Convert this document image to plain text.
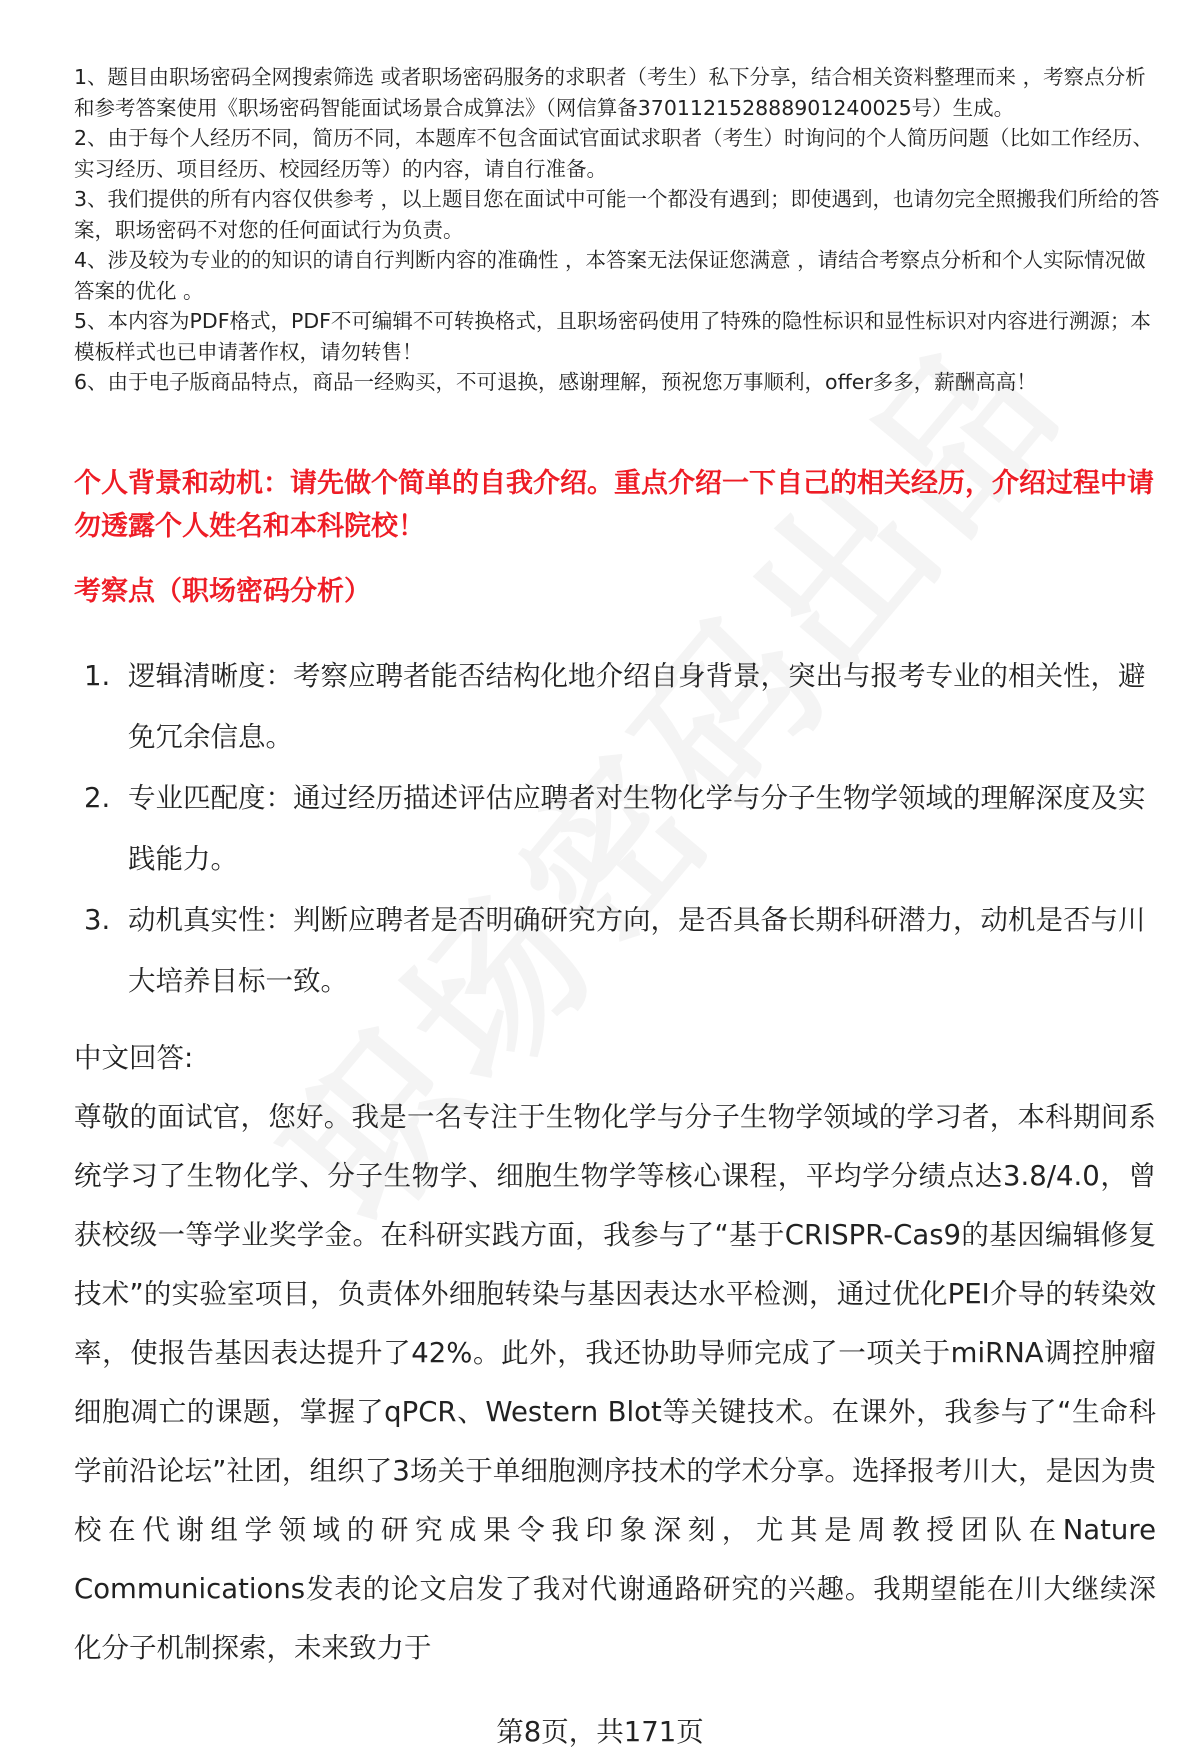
1、题目由职场密码全网搜索筛选 或者职场密码服务的求职者（考生）私下分享，结合相关资料整理而来 ，考察点分析和参考答案使用《职场密码智能面试场景合成算法》（网信算备370112152888901240025号）生成。

2、由于每个人经历不同，简历不同，本题库不包含面试官面试求职者（考生）时询问的个人简历问题（比如工作经历、实习经历、项目经历、校园经历等）的内容，请自行准备。

3、我们提供的所有内容仅供参考 ，以上题目您在面试中可能一个都没有遇到；即使遇到，也请勿完全照搬我们所给的答案，职场密码不对您的任何面试行为负责。

4、涉及较为专业的的知识的请自行判断内容的准确性 ，本答案无法保证您满意 ，请结合考察点分析和个人实际情况做答案的优化 。

5、本内容为PDF格式，PDF不可编辑不可转换格式，且职场密码使用了特殊的隐性标识和显性标识对内容进行溯源；本模板样式也已申请著作权，请勿转售！

6、由于电子版商品特点，商品一经购买，不可退换，感谢理解，预祝您万事顺利，offer多多，薪酬高高！

个人背景和动机：请先做个简单的自我介绍。重点介绍一下自己的相关经历，介绍过程中请勿透露个人姓名和本科院校！
考察点（职场密码分析）
1. 逻辑清晰度：考察应聘者能否结构化地介绍自身背景，突出与报考专业的相关性，避免冗余信息。
2. 专业匹配度：通过经历描述评估应聘者对生物化学与分子生物学领域的理解深度及实践能力。
3. 动机真实性：判断应聘者是否明确研究方向，是否具备长期科研潜力，动机是否与川大培养目标一致。
中文回答:

尊敬的面试官，您好。我是一名专注于生物化学与分子生物学领域的学习者，本科期间系统学习了生物化学、分子生物学、细胞生物学等核心课程，平均学分绩点达3.8/4.0，曾获校级一等学业奖学金。在科研实践方面，我参与了“基于CRISPR-Cas9的基因编辑修复技术”的实验室项目，负责体外细胞转染与基因表达水平检测，通过优化PEI介导的转染效率，使报告基因表达提升了42%。此外，我还协助导师完成了一项关于miRNA调控肿瘤细胞凋亡的课题，掌握了qPCR、Western Blot等关键技术。在课外，我参与了“生命科学前沿论坛”社团，组织了3场关于单细胞测序技术的学术分享。选择报考川大，是因为贵校在代谢组学领域的研究成果令我印象深刻，尤其是周教授团队在Nature Communications发表的论文启发了我对代谢通路研究的兴趣。我期望能在川大继续深化分子机制探索，未来致力于

第8页，共171页
